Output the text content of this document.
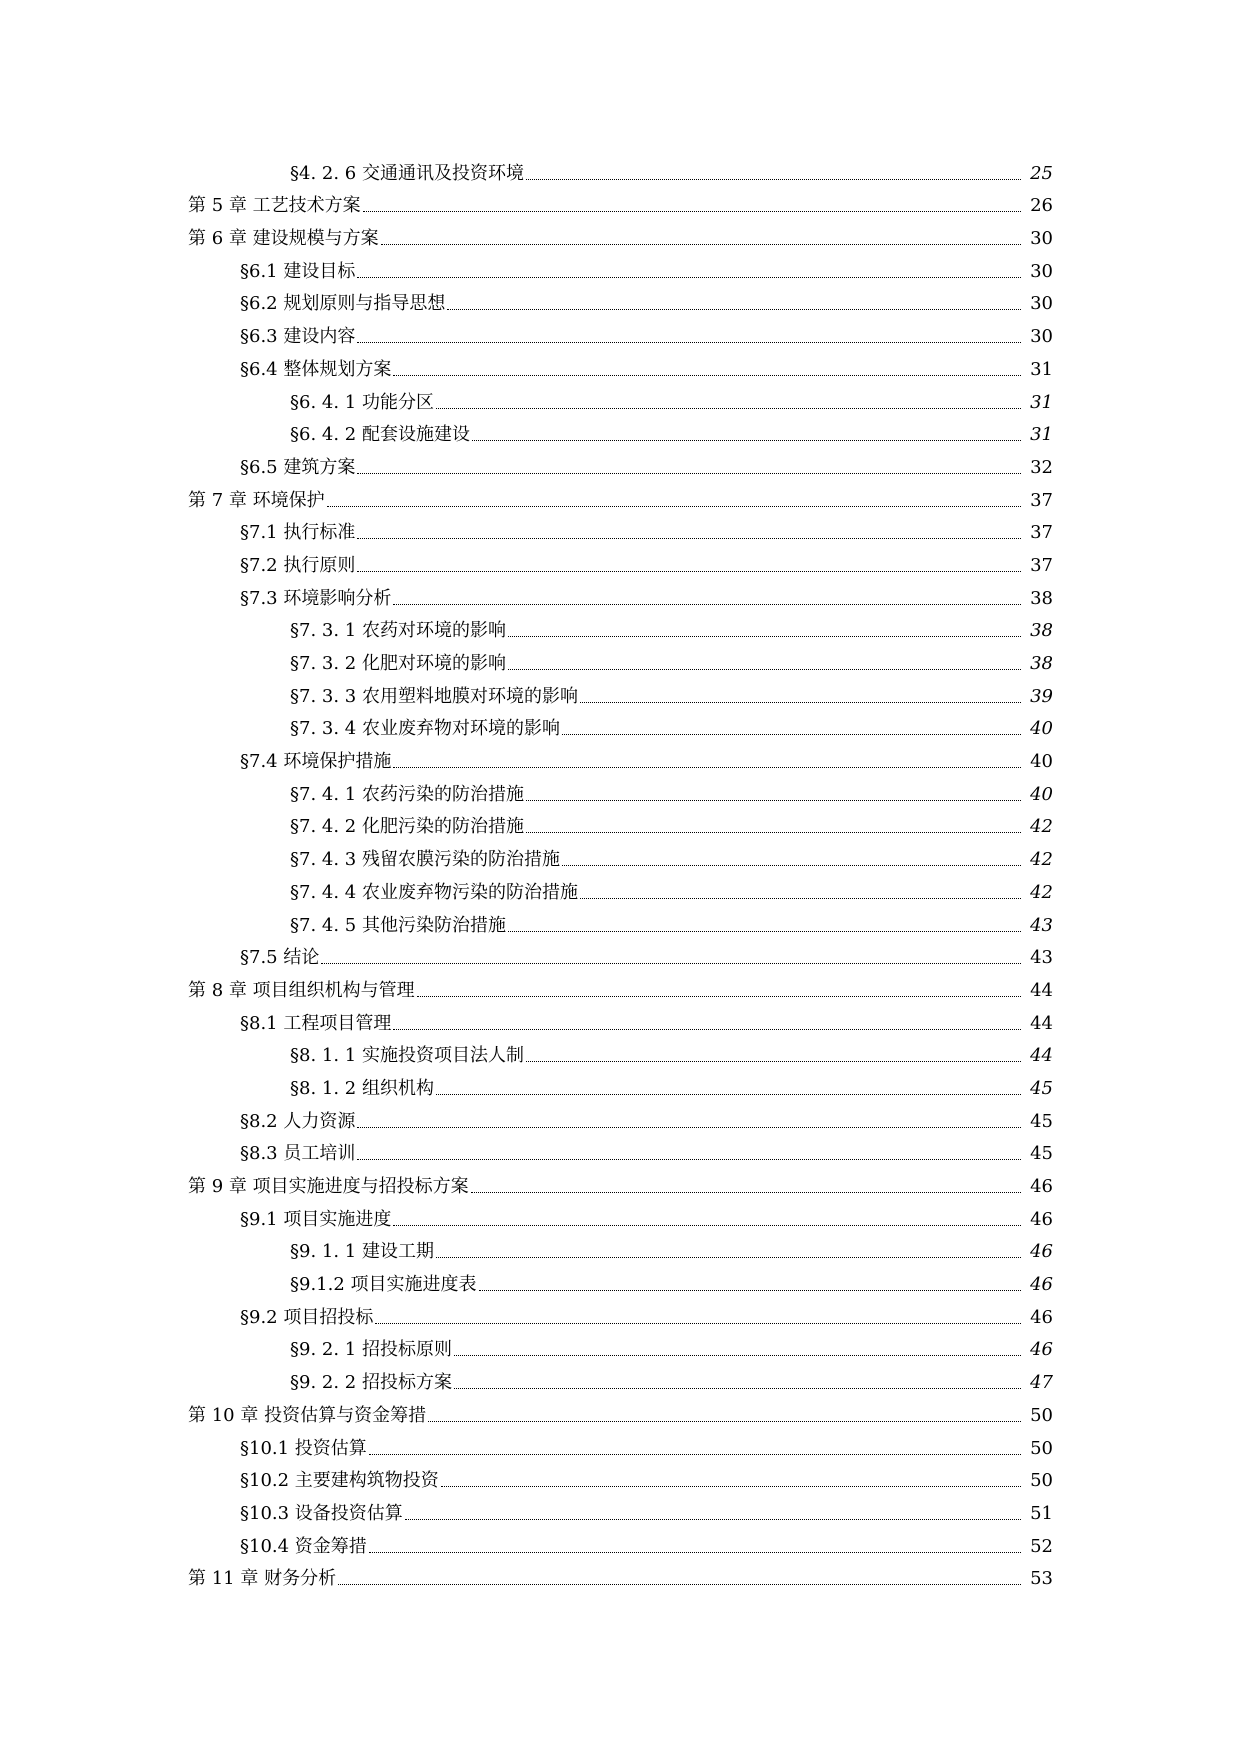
§4. 2. 6 交通通讯及投资环境	25
第 5 章 工艺技术方案	26
第 6 章 建设规模与方案	30
§6.1 建设目标	30
§6.2 规划原则与指导思想	30
§6.3 建设内容	30
§6.4 整体规划方案	31
§6. 4. 1 功能分区	31
§6. 4. 2 配套设施建设	31
§6.5 建筑方案	32
第 7 章 环境保护	37
§7.1 执行标准	37
§7.2 执行原则	37
§7.3 环境影响分析	38
§7. 3. 1 农药对环境的影响	38
§7. 3. 2 化肥对环境的影响	38
§7. 3. 3 农用塑料地膜对环境的影响	39
§7. 3. 4 农业废弃物对环境的影响	40
§7.4 环境保护措施	40
§7. 4. 1 农药污染的防治措施	40
§7. 4. 2 化肥污染的防治措施	42
§7. 4. 3 残留农膜污染的防治措施	42
§7. 4. 4 农业废弃物污染的防治措施	42
§7. 4. 5 其他污染防治措施	43
§7.5 结论	43
第 8 章 项目组织机构与管理	44
§8.1 工程项目管理	44
§8. 1. 1 实施投资项目法人制	44
§8. 1. 2 组织机构	45
§8.2 人力资源	45
§8.3 员工培训	45
第 9 章 项目实施进度与招投标方案	46
§9.1 项目实施进度	46
§9. 1. 1 建设工期	46
§9.1.2 项目实施进度表	46
§9.2 项目招投标	46
§9. 2. 1 招投标原则	46
§9. 2. 2 招投标方案	47
第 10 章 投资估算与资金筹措	50
§10.1 投资估算	50
§10.2 主要建构筑物投资	50
§10.3 设备投资估算	51
§10.4 资金筹措	52
第 11 章 财务分析	53
